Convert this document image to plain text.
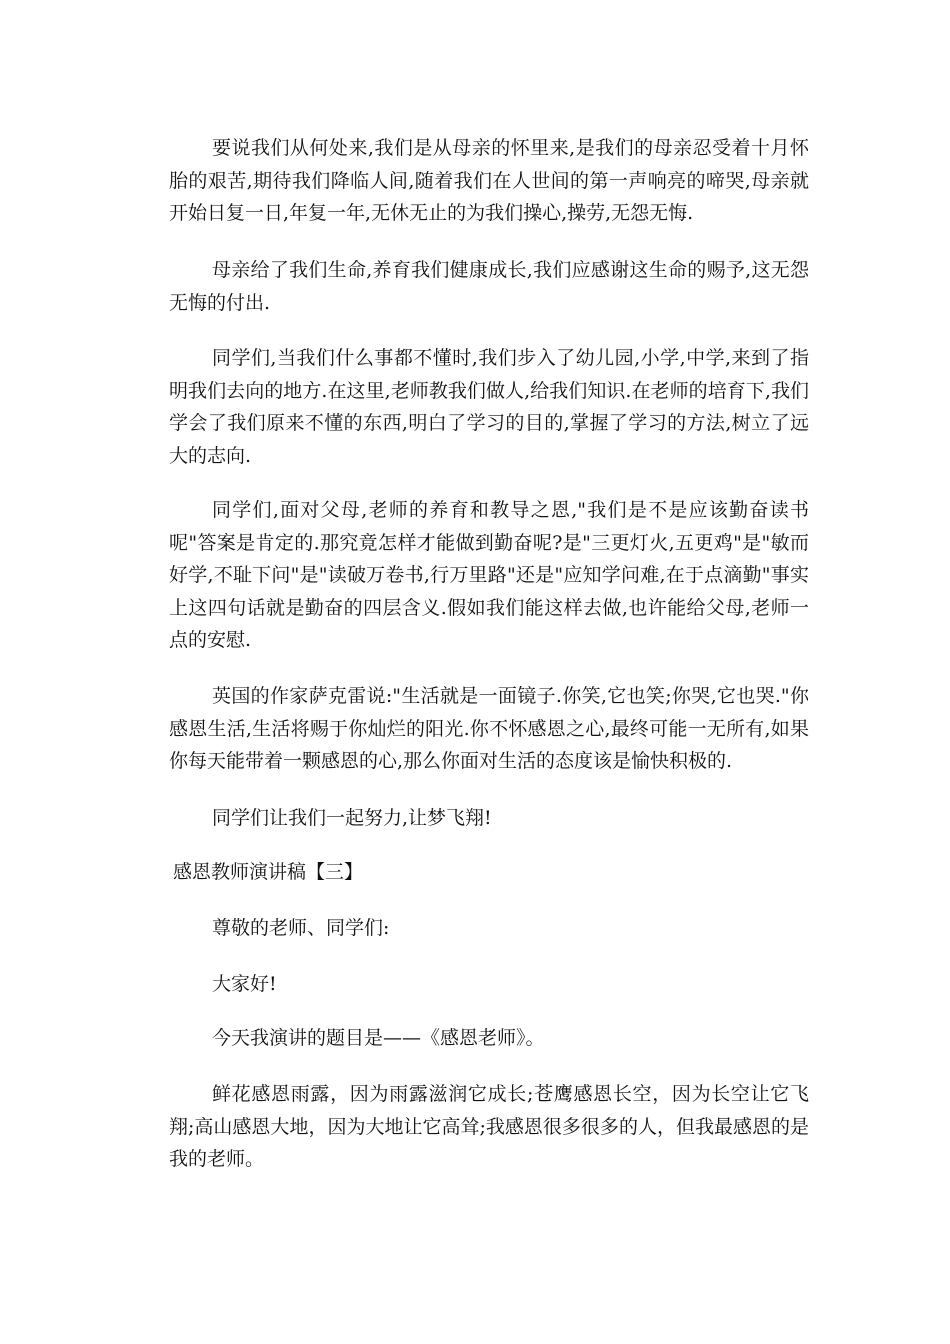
要说我们从何处来,我们是从母亲的怀里来,是我们的母亲忍受着十月怀胎的艰苦,期待我们降临人间,随着我们在人世间的第一声响亮的啼哭,母亲就开始日复一日,年复一年,无休无止的为我们操心,操劳,无怨无悔.

母亲给了我们生命,养育我们健康成长,我们应感谢这生命的赐予,这无怨无悔的付出.

同学们,当我们什么事都不懂时,我们步入了幼儿园,小学,中学,来到了指明我们去向的地方.在这里,老师教我们做人,给我们知识.在老师的培育下,我们学会了我们原来不懂的东西,明白了学习的目的,掌握了学习的方法,树立了远大的志向.

同学们,面对父母,老师的养育和教导之恩,"我们是不是应该勤奋读书呢"答案是肯定的.那究竟怎样才能做到勤奋呢?是"三更灯火,五更鸡"是"敏而好学,不耻下问"是"读破万卷书,行万里路"还是"应知学问难,在于点滴勤"事实上这四句话就是勤奋的四层含义.假如我们能这样去做,也许能给父母,老师一点的安慰.

英国的作家萨克雷说:"生活就是一面镜子.你笑,它也笑;你哭,它也哭."你感恩生活,生活将赐于你灿烂的阳光.你不怀感恩之心,最终可能一无所有,如果你每天能带着一颗感恩的心,那么你面对生活的态度该是愉快积极的.

同学们让我们一起努力,让梦飞翔!

感恩教师演讲稿【三】

尊敬的老师、同学们:

大家好!

今天我演讲的题目是——《感恩老师》。

鲜花感恩雨露，因为雨露滋润它成长;苍鹰感恩长空，因为长空让它飞翔;高山感恩大地，因为大地让它高耸;我感恩很多很多的人，但我最感恩的是我的老师。
